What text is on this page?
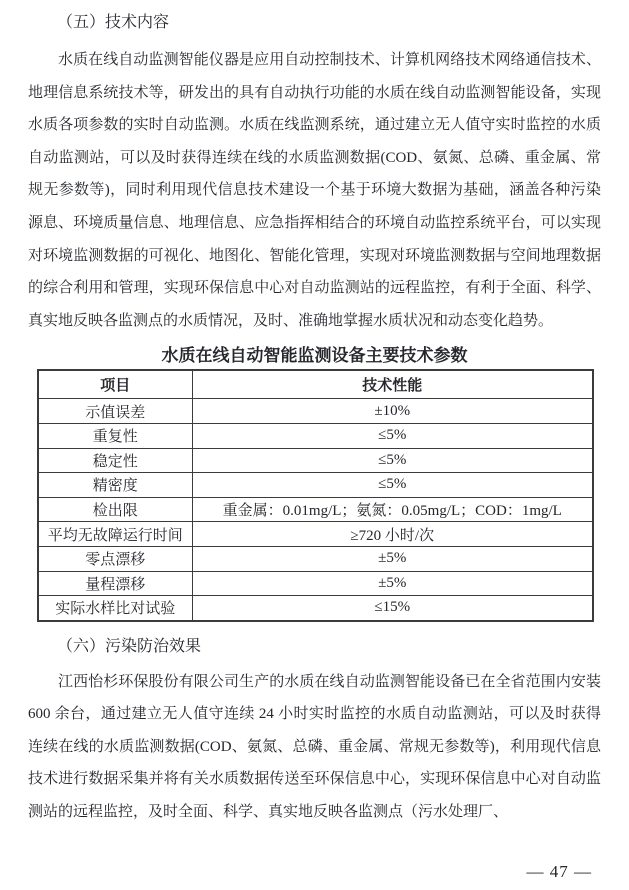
（五）技术内容

水质在线自动监测智能仪器是应用自动控制技术、计算机网络技术网络通信技术、地理信息系统技术等，研发出的具有自动执行功能的水质在线自动监测智能设备，实现水质各项参数的实时自动监测。水质在线监测系统，通过建立无人值守实时监控的水质自动监测站，可以及时获得连续在线的水质监测数据(COD、氨氮、总磷、重金属、常规无参数等)，同时利用现代信息技术建设一个基于环境大数据为基础，涵盖各种污染源息、环境质量信息、地理信息、应急指挥相结合的环境自动监控系统平台，可以实现对环境监测数据的可视化、地图化、智能化管理，实现对环境监测数据与空间地理数据的综合利用和管理，实现环保信息中心对自动监测站的远程监控，有利于全面、科学、真实地反映各监测点的水质情况，及时、准确地掌握水质状况和动态变化趋势。

水质在线自动智能监测设备主要技术参数
项目	技术性能
示值误差	±10%
重复性	≤5%
稳定性	≤5%
精密度	≤5%
检出限	重金属：0.01mg/L；氨氮：0.05mg/L；COD：1mg/L
平均无故障运行时间	≥720 小时/次
零点漂移	±5%
量程漂移	±5%
实际水样比对试验	≤15%
（六）污染防治效果

江西怡杉环保股份有限公司生产的水质在线自动监测智能设备已在全省范围内安装 600 余台，通过建立无人值守连续 24 小时实时监控的水质自动监测站，可以及时获得连续在线的水质监测数据(COD、氨氮、总磷、重金属、常规无参数等)，利用现代信息技术进行数据采集并将有关水质数据传送至环保信息中心，实现环保信息中心对自动监测站的远程监控，及时全面、科学、真实地反映各监测点（污水处理厂、

— 47 —
